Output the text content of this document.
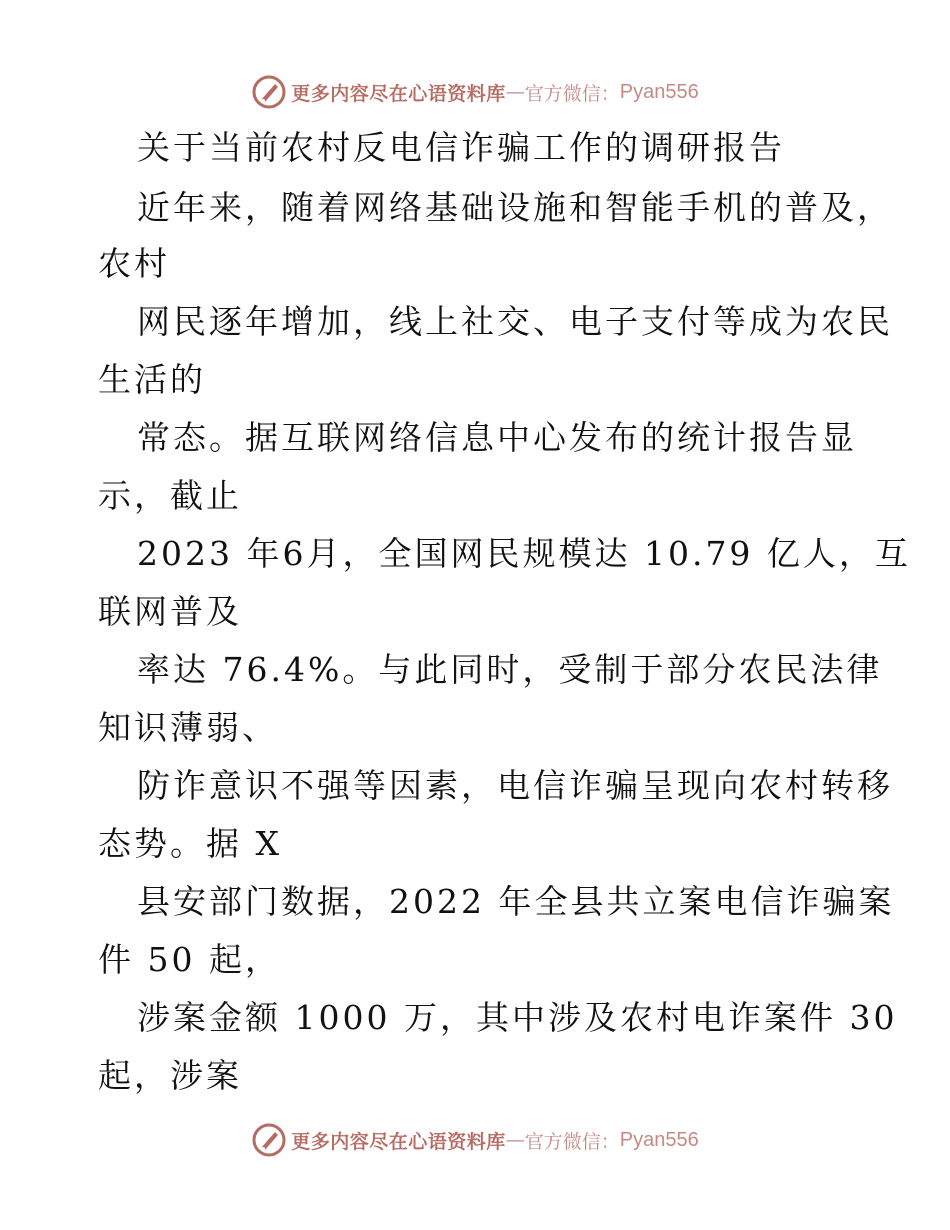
更多内容尽在心语资料库 — 官方微信： Pyan556
关于当前农村反电信诈骗工作的调研报告
近年来，随着网络基础设施和智能手机的普及，
农村
网民逐年增加，线上社交、电子支付等成为农民
生活的
常态。据互联网络信息中心发布的统计报告显
示，截止
2023 年6月，全国网民规模达 10.79 亿人，互
联网普及
率达 76.4%。与此同时，受制于部分农民法律
知识薄弱、
防诈意识不强等因素，电信诈骗呈现向农村转移
态势。据 X
县安部门数据，2022 年全县共立案电信诈骗案
件 50 起，
涉案金额 1000 万，其中涉及农村电诈案件 30
起，涉案
更多内容尽在心语资料库 — 官方微信： Pyan556
